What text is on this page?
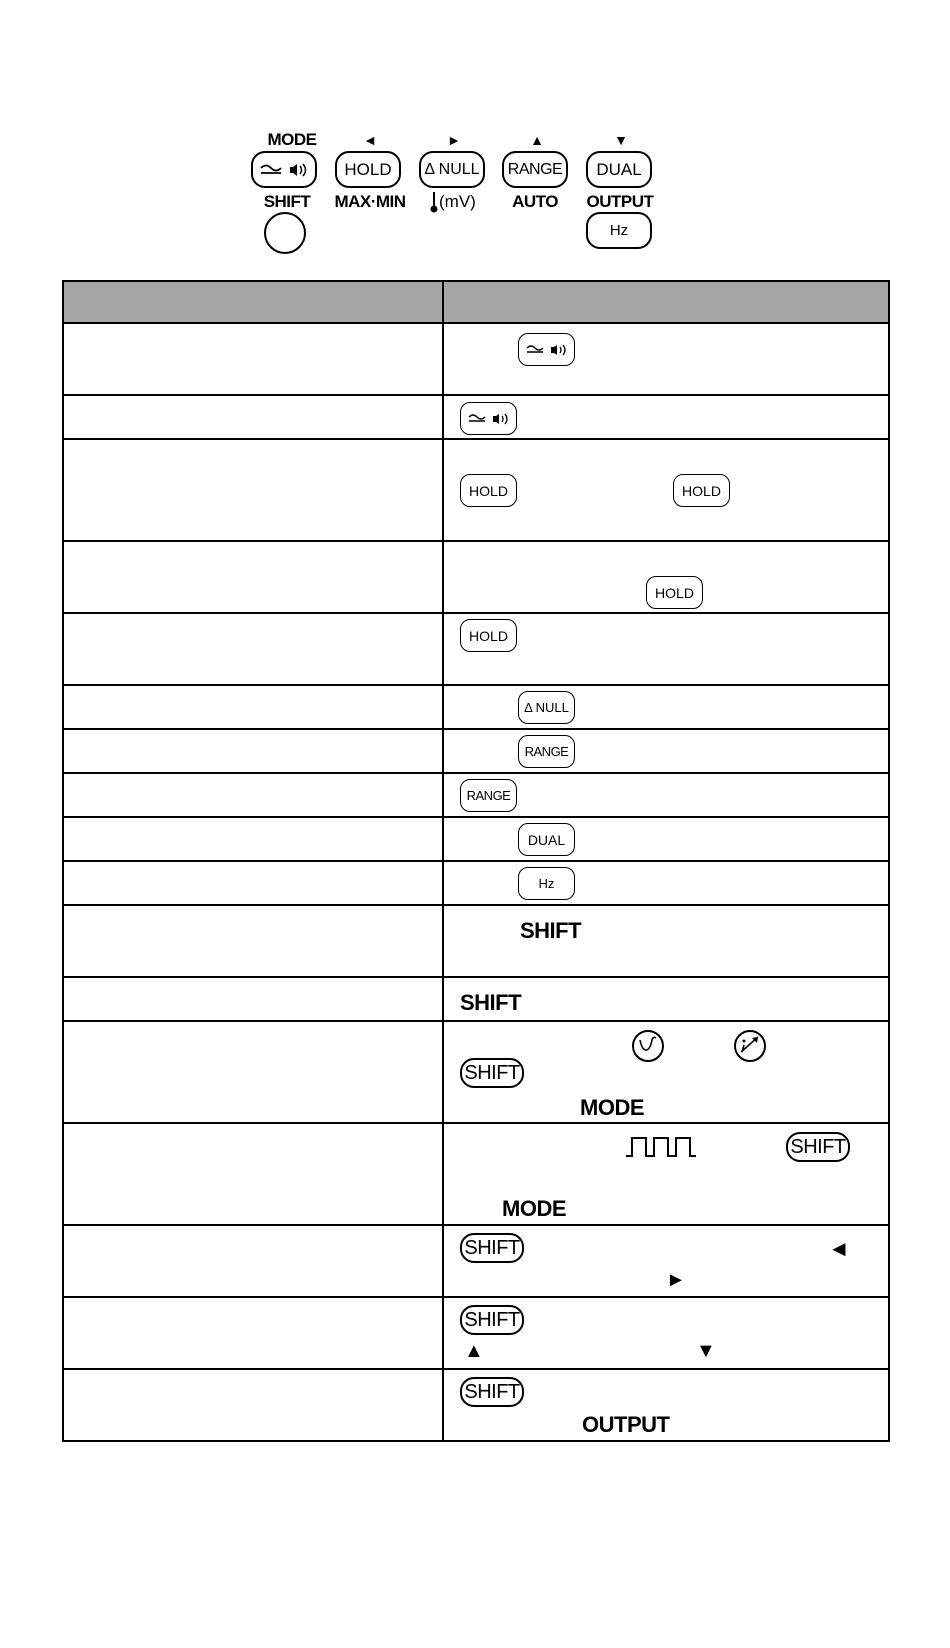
MODE	◄	►	▲	▼
HOLD	Δ NULL	RANGE	DUAL
SHIFT	MAX·MIN	(mV)	AUTO	OUTPUT
Hz

HOLD HOLD

HOLD

HOLD

Δ NULL

RANGE

RANGE

DUAL

Hz

	SHIFT

	SHIFT

SHIFT
MODE

SHIFT
MODE

SHIFT ◄
►

SHIFT
▲ ▼

SHIFT
OUTPUT
